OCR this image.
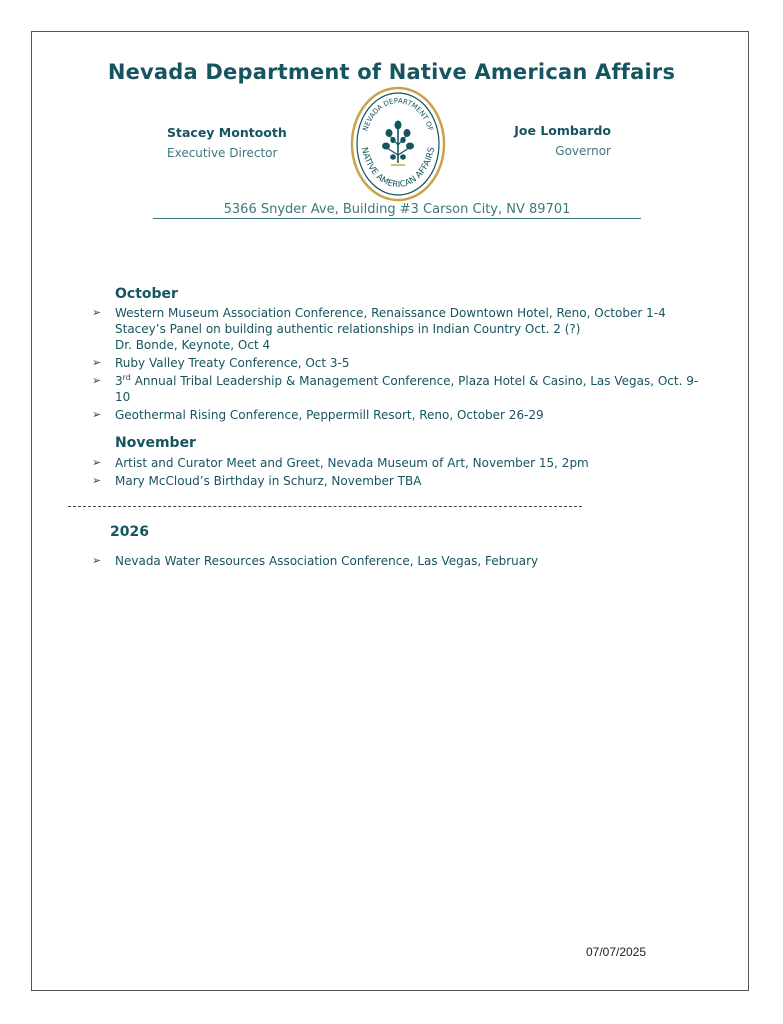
Nevada Department of Native American Affairs
Stacey Montooth
Executive Director
NEVADA DEPARTMENT OF
NATIVE AMERICAN AFFAIRS
Joe Lombardo
Governor
5366 Snyder Ave, Building #3 Carson City, NV 89701
October
➢ Western Museum Association Conference, Renaissance Downtown Hotel, Reno, October 1-4
Stacey’s Panel on building authentic relationships in Indian Country Oct. 2 (?)
Dr. Bonde, Keynote, Oct 4
➢ Ruby Valley Treaty Conference, Oct 3-5
➢ 3rd Annual Tribal Leadership & Management Conference, Plaza Hotel & Casino, Las Vegas, Oct. 9-10
➢ Geothermal Rising Conference, Peppermill Resort, Reno, October 26-29
November
➢ Artist and Curator Meet and Greet, Nevada Museum of Art, November 15, 2pm
➢ Mary McCloud’s Birthday in Schurz, November TBA
2026
➢ Nevada Water Resources Association Conference, Las Vegas, February
07/07/2025
